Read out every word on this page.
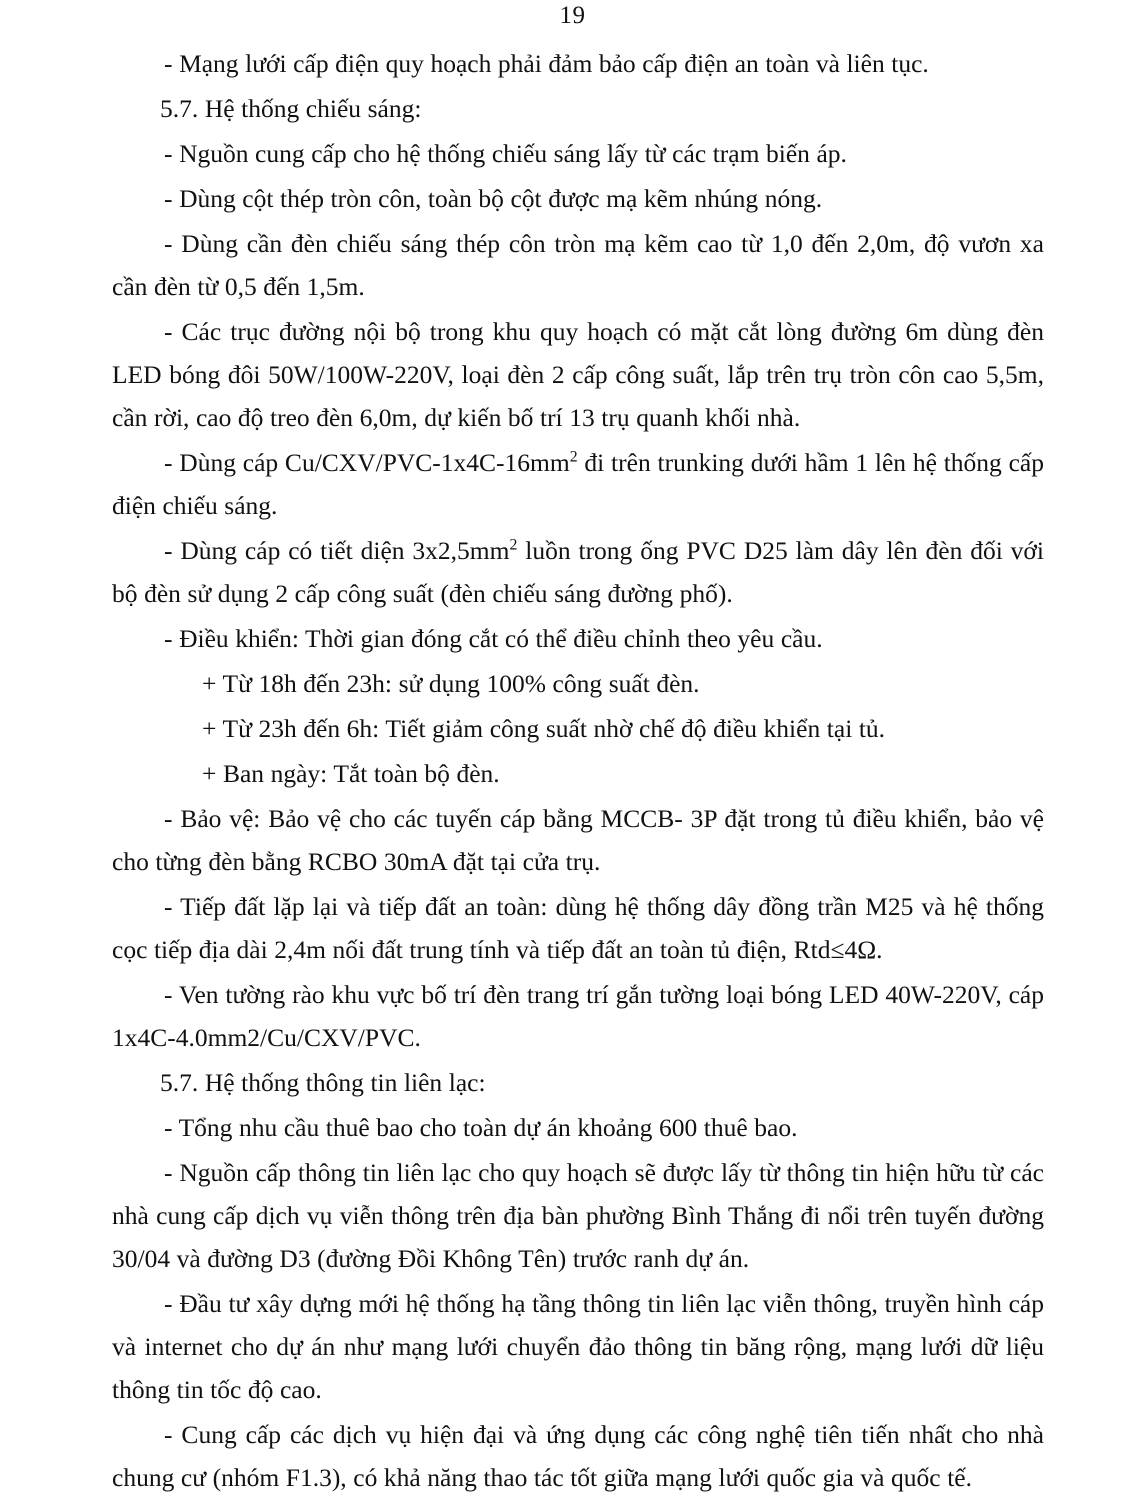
19

- Mạng lưới cấp điện quy hoạch phải đảm bảo cấp điện an toàn và liên tục.

5.7. Hệ thống chiếu sáng:

- Nguồn cung cấp cho hệ thống chiếu sáng lấy từ các trạm biến áp.

- Dùng cột thép tròn côn, toàn bộ cột được mạ kẽm nhúng nóng.

- Dùng cần đèn chiếu sáng thép côn tròn mạ kẽm cao từ 1,0 đến 2,0m, độ vươn xa cần đèn từ 0,5 đến 1,5m.

- Các trục đường nội bộ trong khu quy hoạch có mặt cắt lòng đường 6m dùng đèn LED bóng đôi 50W/100W-220V, loại đèn 2 cấp công suất, lắp trên trụ tròn côn cao 5,5m, cần rời, cao độ treo đèn 6,0m, dự kiến bố trí 13 trụ quanh khối nhà.

- Dùng cáp $Cu/CXV/PVC-1x4C-16mm^2$ đi trên trunking dưới hầm 1 lên hệ thống cấp điện chiếu sáng.

- Dùng cáp có tiết diện $3x2,5mm^2$ luồn trong ống PVC D25 làm dây lên đèn đối với bộ đèn sử dụng 2 cấp công suất (đèn chiếu sáng đường phố).

- Điều khiển: Thời gian đóng cắt có thể điều chỉnh theo yêu cầu.

+ Từ 18h đến 23h: sử dụng 100% công suất đèn.

+ Từ 23h đến 6h: Tiết giảm công suất nhờ chế độ điều khiển tại tủ.

+ Ban ngày: Tắt toàn bộ đèn.

- Bảo vệ: Bảo vệ cho các tuyến cáp bằng MCCB- 3P đặt trong tủ điều khiển, bảo vệ cho từng đèn bằng RCBO 30mA đặt tại cửa trụ.

- Tiếp đất lặp lại và tiếp đất an toàn: dùng hệ thống dây đồng trần M25 và hệ thống cọc tiếp địa dài 2,4m nối đất trung tính và tiếp đất an toàn tủ điện, Rtd≤4Ω.

- Ven tường rào khu vực bố trí đèn trang trí gắn tường loại bóng LED 40W-220V, cáp 1x4C-4.0mm2/Cu/CXV/PVC.

5.7. Hệ thống thông tin liên lạc:

- Tổng nhu cầu thuê bao cho toàn dự án khoảng 600 thuê bao.

- Nguồn cấp thông tin liên lạc cho quy hoạch sẽ được lấy từ thông tin hiện hữu từ các nhà cung cấp dịch vụ viễn thông trên địa bàn phường Bình Thắng đi nổi trên tuyến đường 30/04 và đường D3 (đường Đồi Không Tên) trước ranh dự án.

- Đầu tư xây dựng mới hệ thống hạ tầng thông tin liên lạc viễn thông, truyền hình cáp và internet cho dự án như mạng lưới chuyển đảo thông tin băng rộng, mạng lưới dữ liệu thông tin tốc độ cao.

- Cung cấp các dịch vụ hiện đại và ứng dụng các công nghệ tiên tiến nhất cho nhà chung cư (nhóm F1.3), có khả năng thao tác tốt giữa mạng lưới quốc gia và quốc tế.
